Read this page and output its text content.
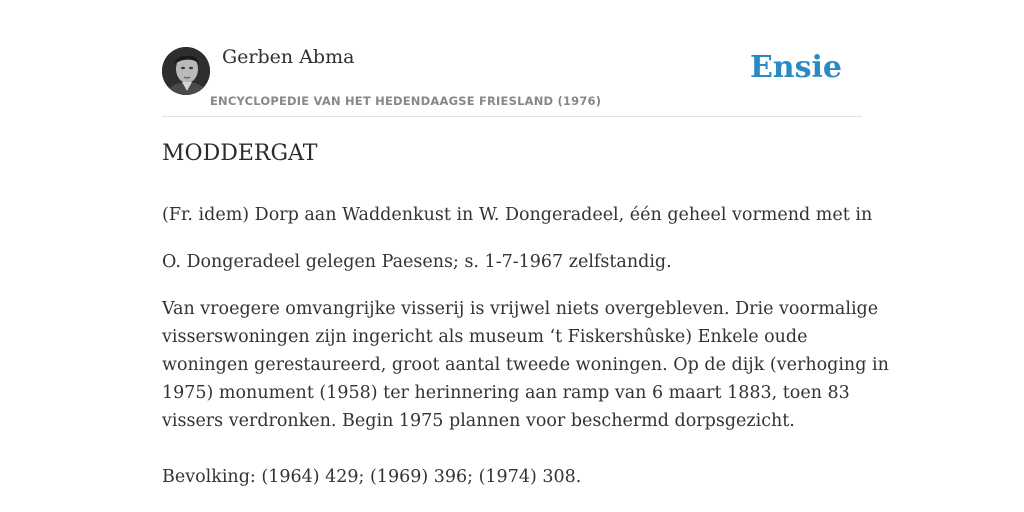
Gerben Abma
ENCYCLOPEDIE VAN HET HEDENDAAGSE FRIESLAND (1976)
Ensie
MODDERGAT
(Fr. idem) Dorp aan Waddenkust in W. Dongeradeel, één geheel vormend met in
O. Dongeradeel gelegen Paesens; s. 1-7-1967 zelfstandig.
Van vroegere omvangrijke visserij is vrijwel niets overgebleven. Drie voormalige
visserswoningen zijn ingericht als museum ‘t Fiskershûske) Enkele oude
woningen gerestaureerd, groot aantal tweede woningen. Op de dijk (verhoging in
1975) monument (1958) ter herinnering aan ramp van 6 maart 1883, toen 83
vissers verdronken. Begin 1975 plannen voor beschermd dorpsgezicht.
Bevolking: (1964) 429; (1969) 396; (1974) 308.
